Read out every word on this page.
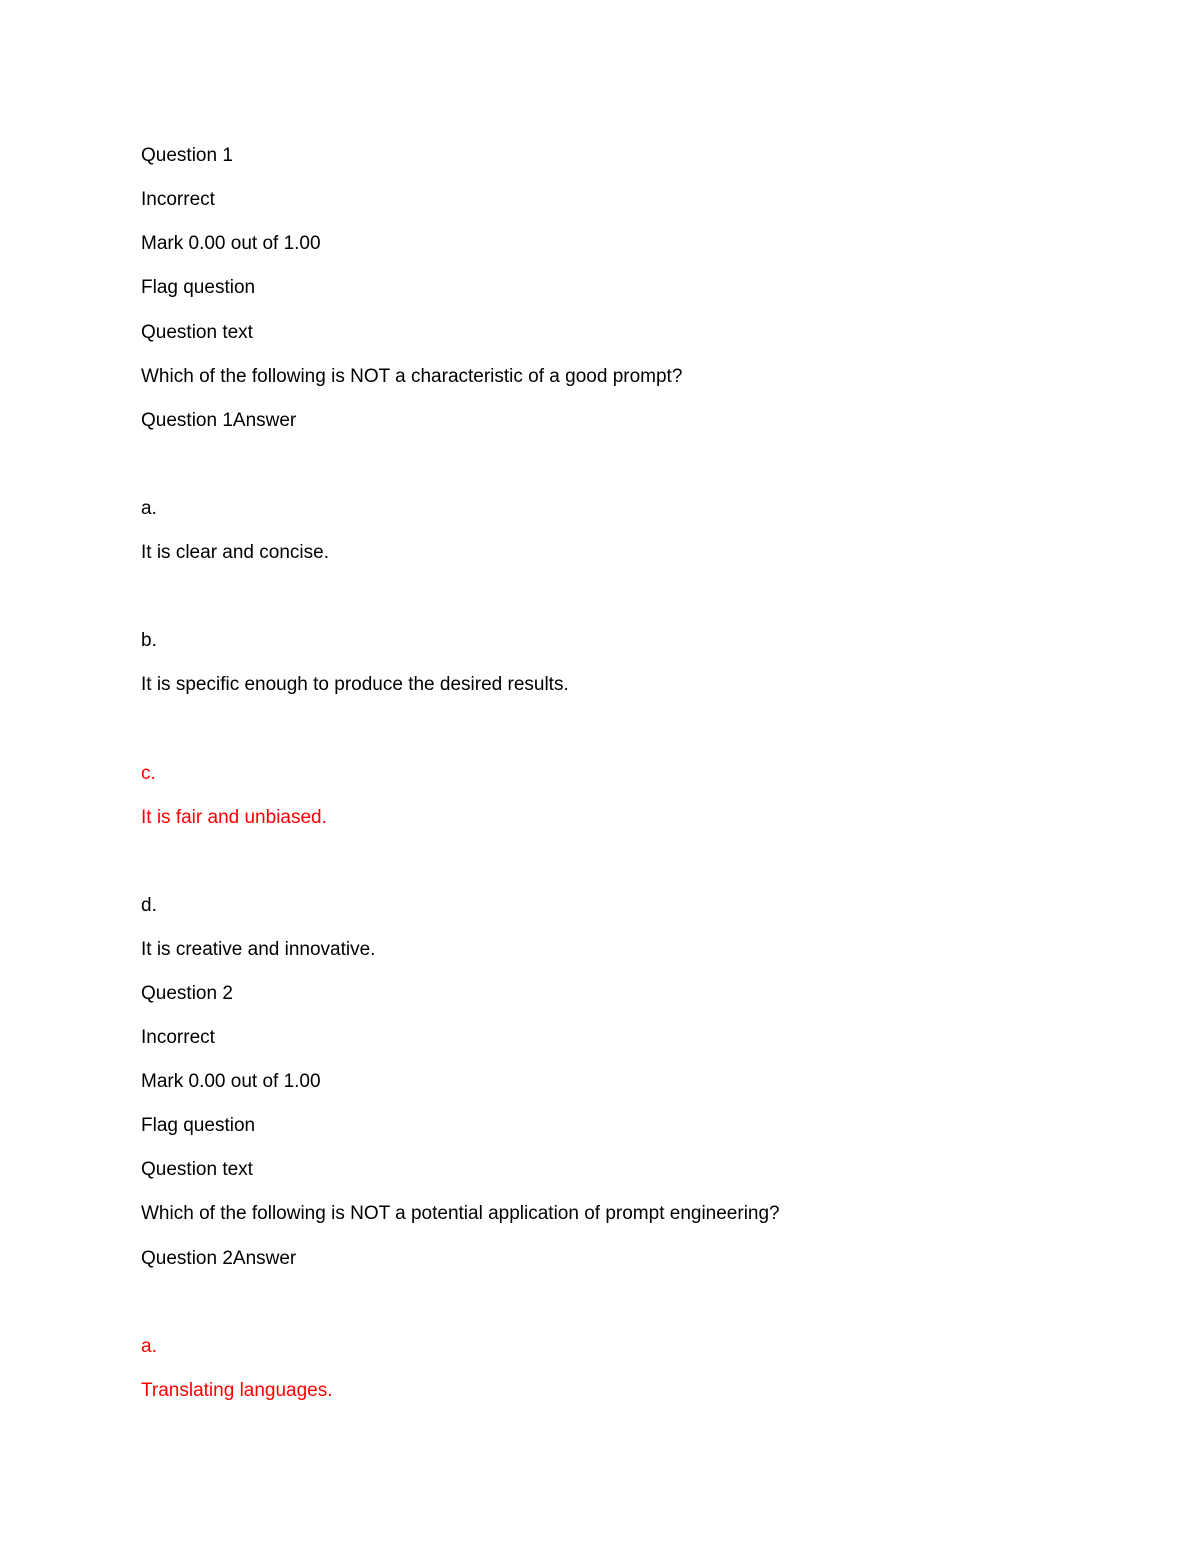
Question 1
Incorrect
Mark 0.00 out of 1.00
Flag question
Question text
Which of the following is NOT a characteristic of a good prompt?
Question 1Answer
a.
It is clear and concise.
b.
It is specific enough to produce the desired results.
c.
It is fair and unbiased.
d.
It is creative and innovative.
Question 2
Incorrect
Mark 0.00 out of 1.00
Flag question
Question text
Which of the following is NOT a potential application of prompt engineering?
Question 2Answer
a.
Translating languages.
